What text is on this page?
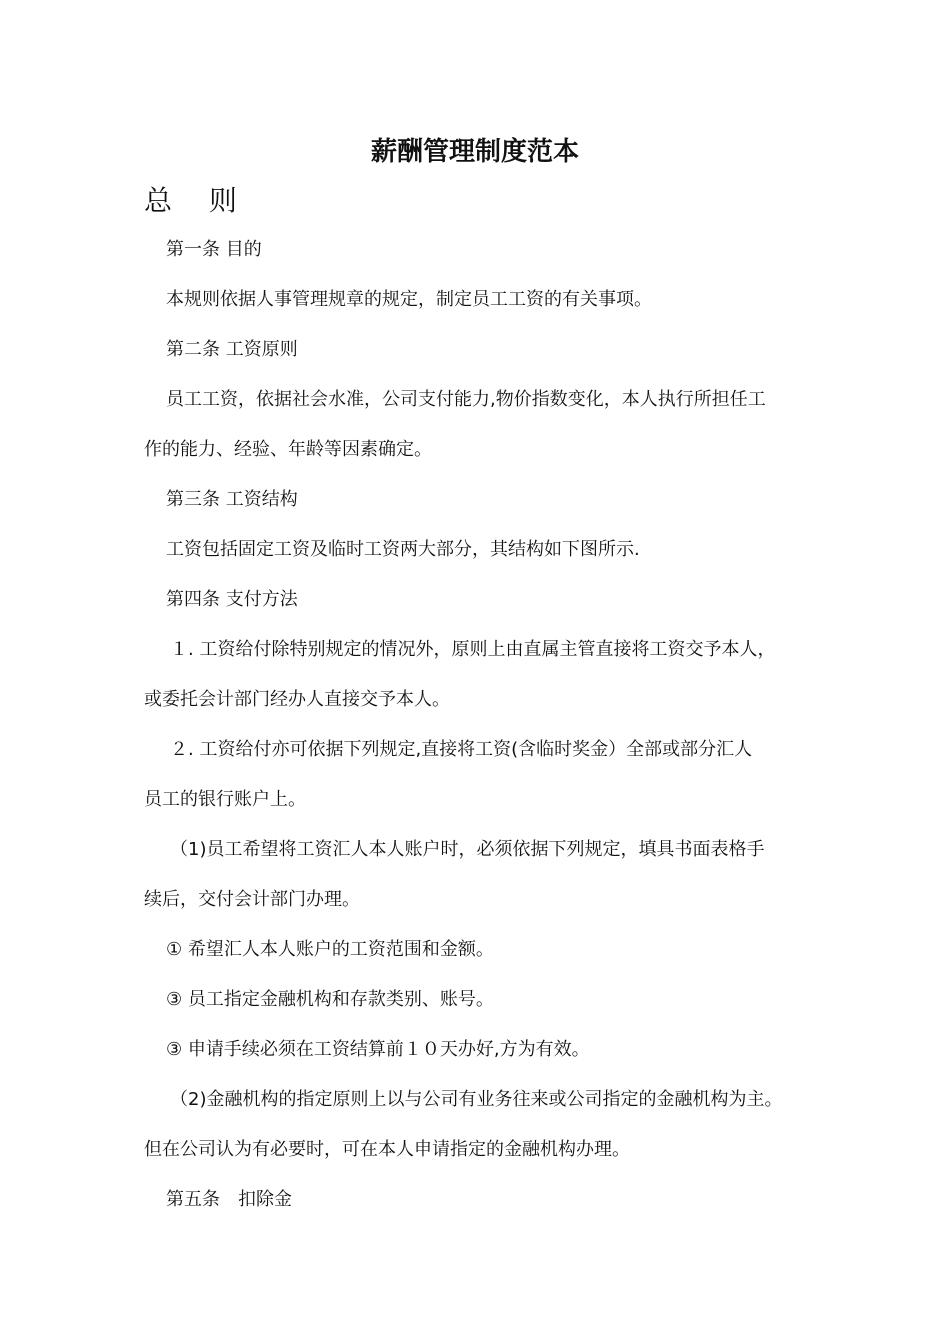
薪酬管理制度范本
总 则
第一条 目的
本规则依据人事管理规章的规定，制定员工工资的有关事项。
第二条 工资原则
员工工资，依据社会水准，公司支付能力,物价指数变化，本人执行所担任工
作的能力、经验、年龄等因素确定。
第三条 工资结构
工资包括固定工资及临时工资两大部分，其结构如下图所示.
第四条 支付方法
１. 工资给付除特别规定的情况外，原则上由直属主管直接将工资交予本人，
或委托会计部门经办人直接交予本人。
２. 工资给付亦可依据下列规定,直接将工资(含临时奖金）全部或部分汇人
员工的银行账户上。
（1)员工希望将工资汇人本人账户时，必须依据下列规定，填具书面表格手
续后，交付会计部门办理。
① 希望汇人本人账户的工资范围和金额。
③ 员工指定金融机构和存款类别、账号。
③ 申请手续必须在工资结算前１０天办好,方为有效。
（2)金融机构的指定原则上以与公司有业务往来或公司指定的金融机构为主。
但在公司认为有必要时，可在本人申请指定的金融机构办理。
第五条　扣除金
